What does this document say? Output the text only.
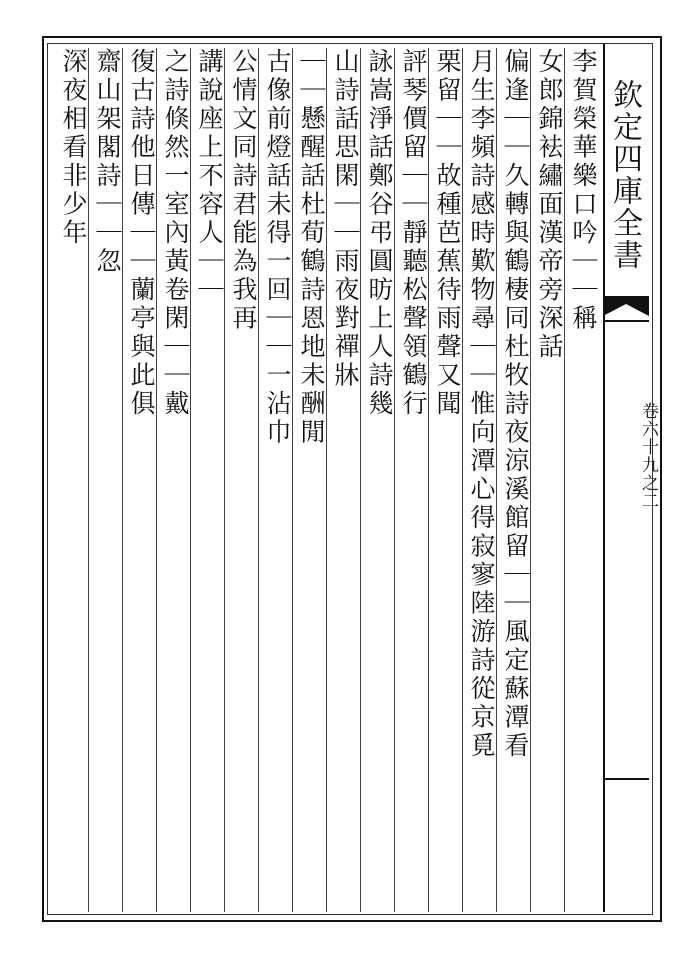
欽定四庫全書
卷六十九之二
李賀榮華樂口吟｜｜稱
女郎錦袪繡面漢帝旁深話
偏逢｜｜久轉與鶴棲同杜牧詩夜涼溪館留｜｜風定蘇潭看
月生李頻詩感時歎物尋｜｜惟向潭心得寂寥陸游詩從京覓
栗留｜｜故種芭蕉待雨聲又聞
評琴價留｜｜靜聽松聲領鶴行
詠嵩淨話鄭谷弔圓昉上人詩幾
山詩話思閑｜｜雨夜對禪牀
｜｜懸醒話杜荀鶴詩恩地未酬閒
古像前燈話未得一回｜｜一沾巾
公情文同詩君能為我再
講說座上不容人｜｜
之詩倏然一室內黃卷閑｜｜戴
復古詩他日傳｜｜蘭亭與此俱
齋山架閣詩｜｜忽
深夜相看非少年
